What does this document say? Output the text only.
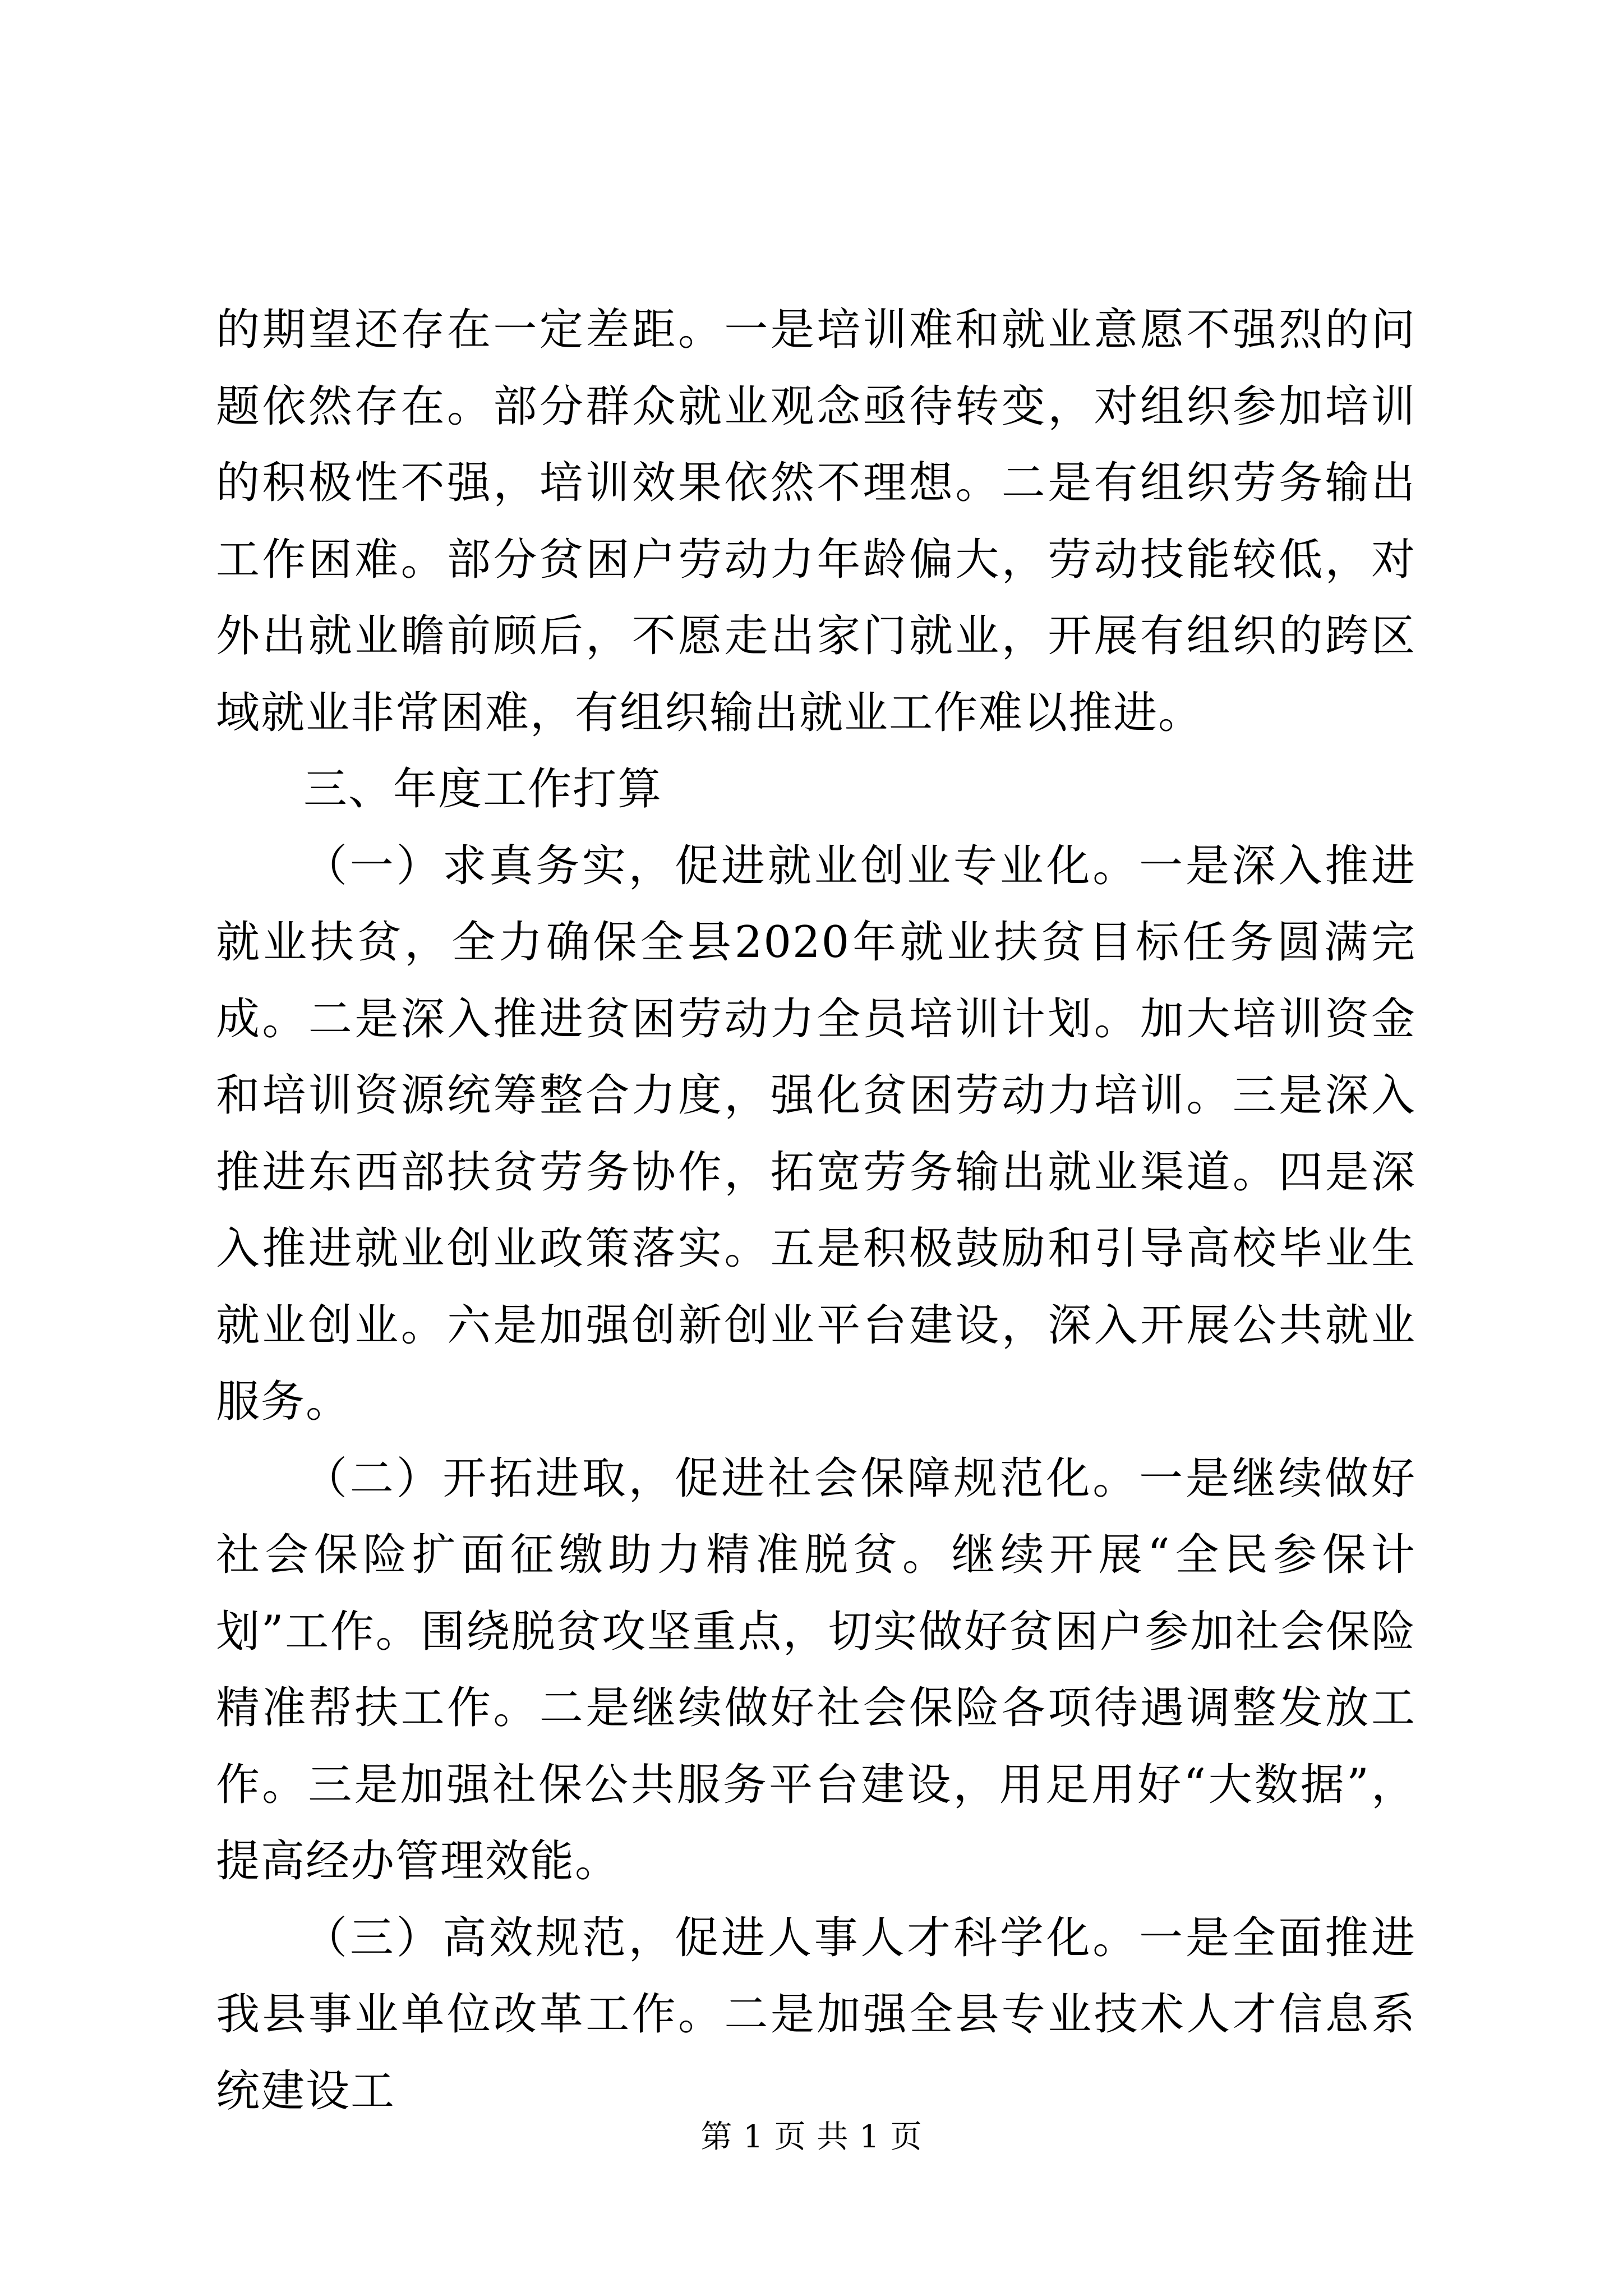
的期望还存在一定差距。一是培训难和就业意愿不强烈的问题依然存在。部分群众就业观念亟待转变，对组织参加培训的积极性不强，培训效果依然不理想。二是有组织劳务输出工作困难。部分贫困户劳动力年龄偏大，劳动技能较低，对外出就业瞻前顾后，不愿走出家门就业，开展有组织的跨区域就业非常困难，有组织输出就业工作难以推进。

三、年度工作打算

（一）求真务实，促进就业创业专业化。一是深入推进就业扶贫，全力确保全县2020年就业扶贫目标任务圆满完成。二是深入推进贫困劳动力全员培训计划。加大培训资金和培训资源统筹整合力度，强化贫困劳动力培训。三是深入推进东西部扶贫劳务协作，拓宽劳务输出就业渠道。四是深入推进就业创业政策落实。五是积极鼓励和引导高校毕业生就业创业。六是加强创新创业平台建设，深入开展公共就业服务。

（二）开拓进取，促进社会保障规范化。一是继续做好社会保险扩面征缴助力精准脱贫。继续开展“全民参保计划”工作。围绕脱贫攻坚重点，切实做好贫困户参加社会保险精准帮扶工作。二是继续做好社会保险各项待遇调整发放工作。三是加强社保公共服务平台建设，用足用好“大数据”，提高经办管理效能。

（三）高效规范，促进人事人才科学化。一是全面推进我县事业单位改革工作。二是加强全县专业技术人才信息系统建设工

第 1 页 共 1 页
